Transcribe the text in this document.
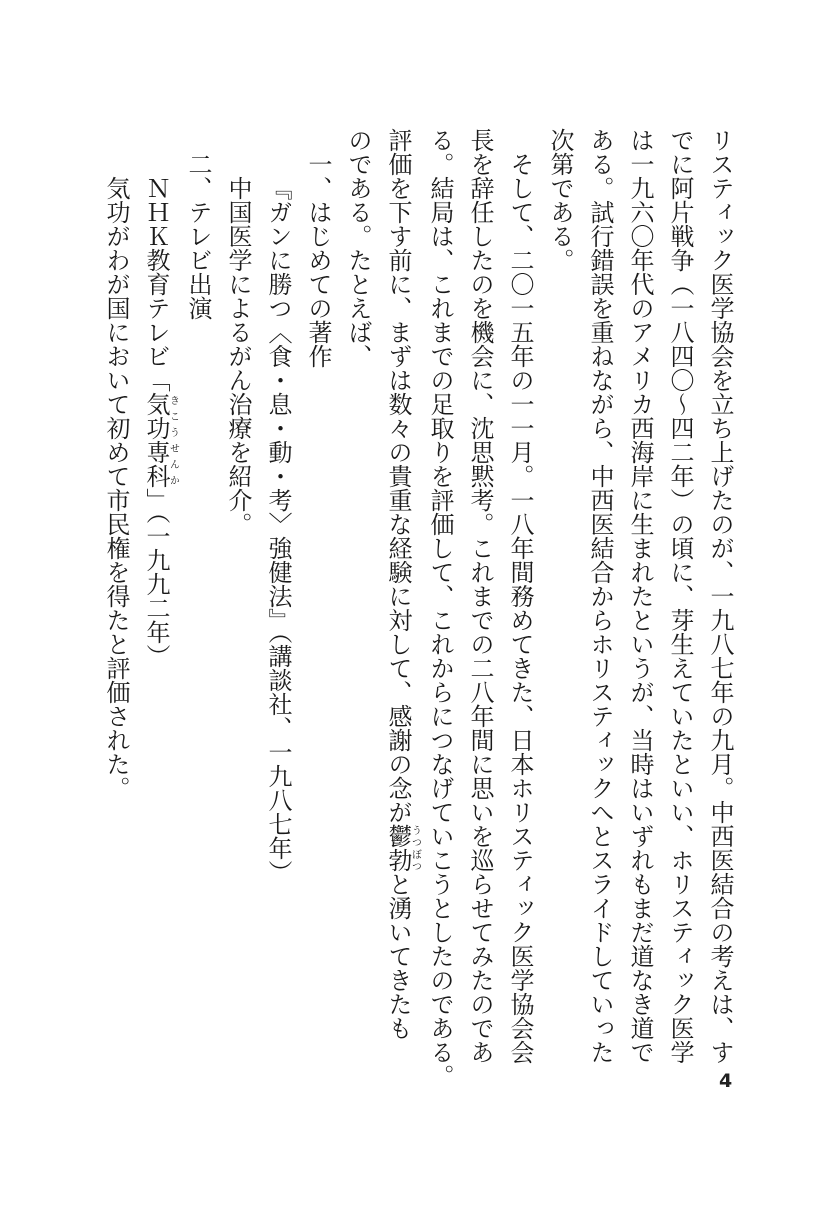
リスティック医学協会を立ち上げたのが、一九八七年の九月。中西医結合の考えは、す
でに阿片戦争（一八四〇〜四二年）の頃に、芽生えていたといい、ホリスティック医学
は一九六〇年代のアメリカ西海岸に生まれたというが、当時はいずれもまだ道なき道で
ある。試行錯誤を重ねながら、中西医結合からホリスティックへとスライドしていった
次第である。
そして、二〇一五年の一一月。一八年間務めてきた、日本ホリスティック医学協会会
長を辞任したのを機会に、沈思黙考。これまでの二八年間に思いを巡らせてみたのであ
る。結局は、これまでの足取りを評価して、これからにつなげていこうとしたのである。
評価を下す前に、まずは数々の貴重な経験に対して、感謝の念が鬱勃うつぼつと湧いてきたも
のである。たとえば、
一、はじめての著作
『ガンに勝つ〈食・息・動・考〉強健法』（講談社、一九八七年）
中国医学によるがん治療を紹介。
二、テレビ出演
ＮＨＫ教育テレビ「気功専科きこうせんか」（一九九二年）
気功がわが国において初めて市民権を得たと評価された。
4
